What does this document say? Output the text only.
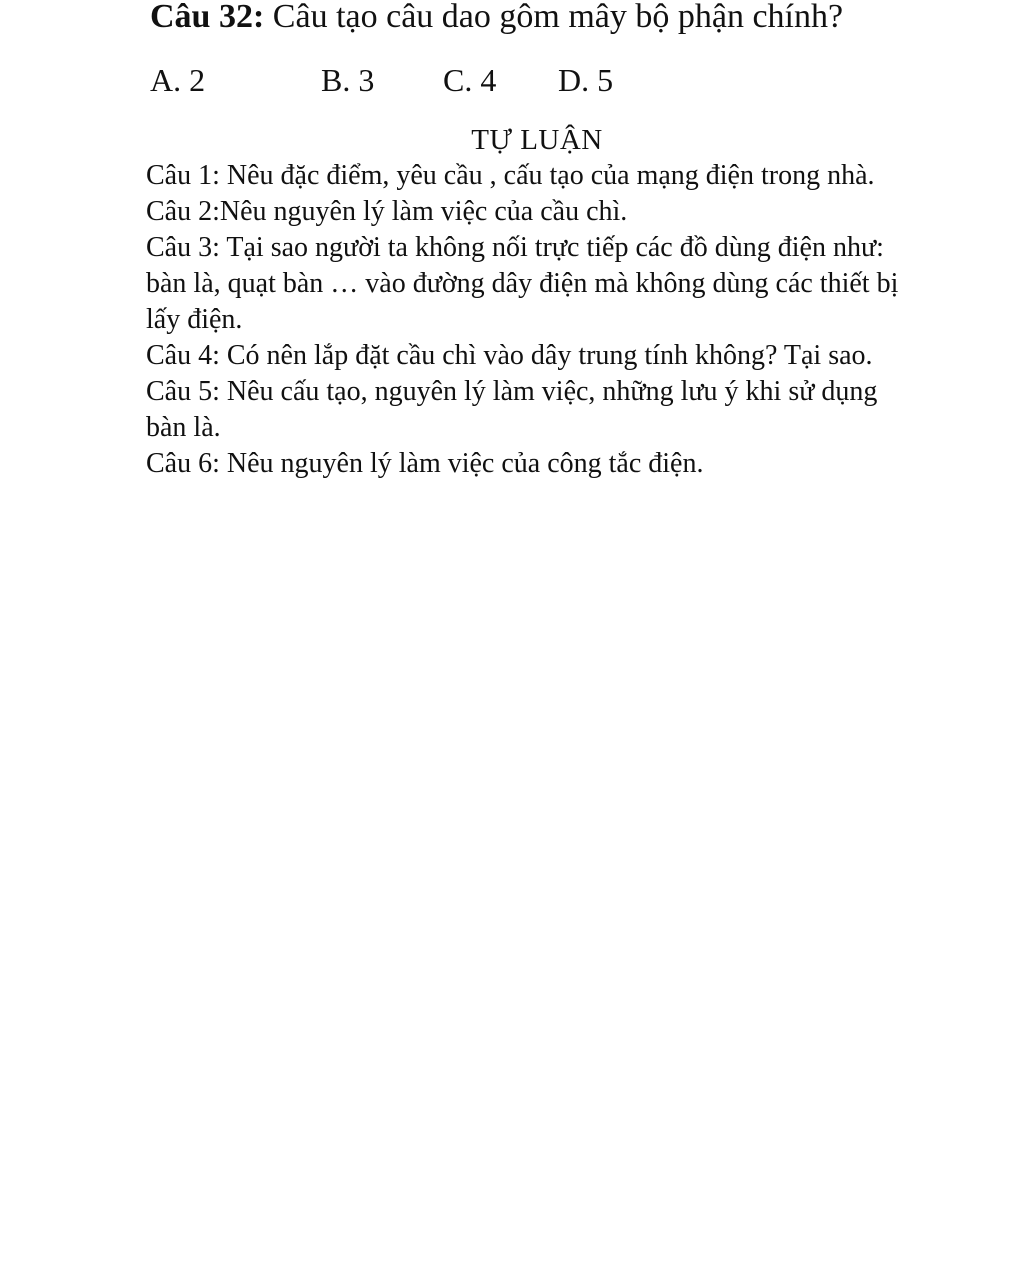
Câu 32: Câu tạo câu dao gôm mây bộ phận chính?
A. 2	B. 3 C. 4 D. 5
TỰ LUẬN

Câu 1: Nêu đặc điểm, yêu cầu , cấu tạo của mạng điện trong nhà.

Câu 2:Nêu nguyên lý làm việc của cầu chì.

Câu 3: Tại sao người ta không nối trực tiếp các đồ dùng điện như: bàn là, quạt bàn … vào đường dây điện mà không dùng các thiết bị lấy điện.

Câu 4: Có nên lắp đặt cầu chì vào dây trung tính không? Tại sao.

Câu 5: Nêu cấu tạo, nguyên lý làm việc, những lưu ý khi sử dụng bàn là.

Câu 6: Nêu nguyên lý làm việc của công tắc điện.
